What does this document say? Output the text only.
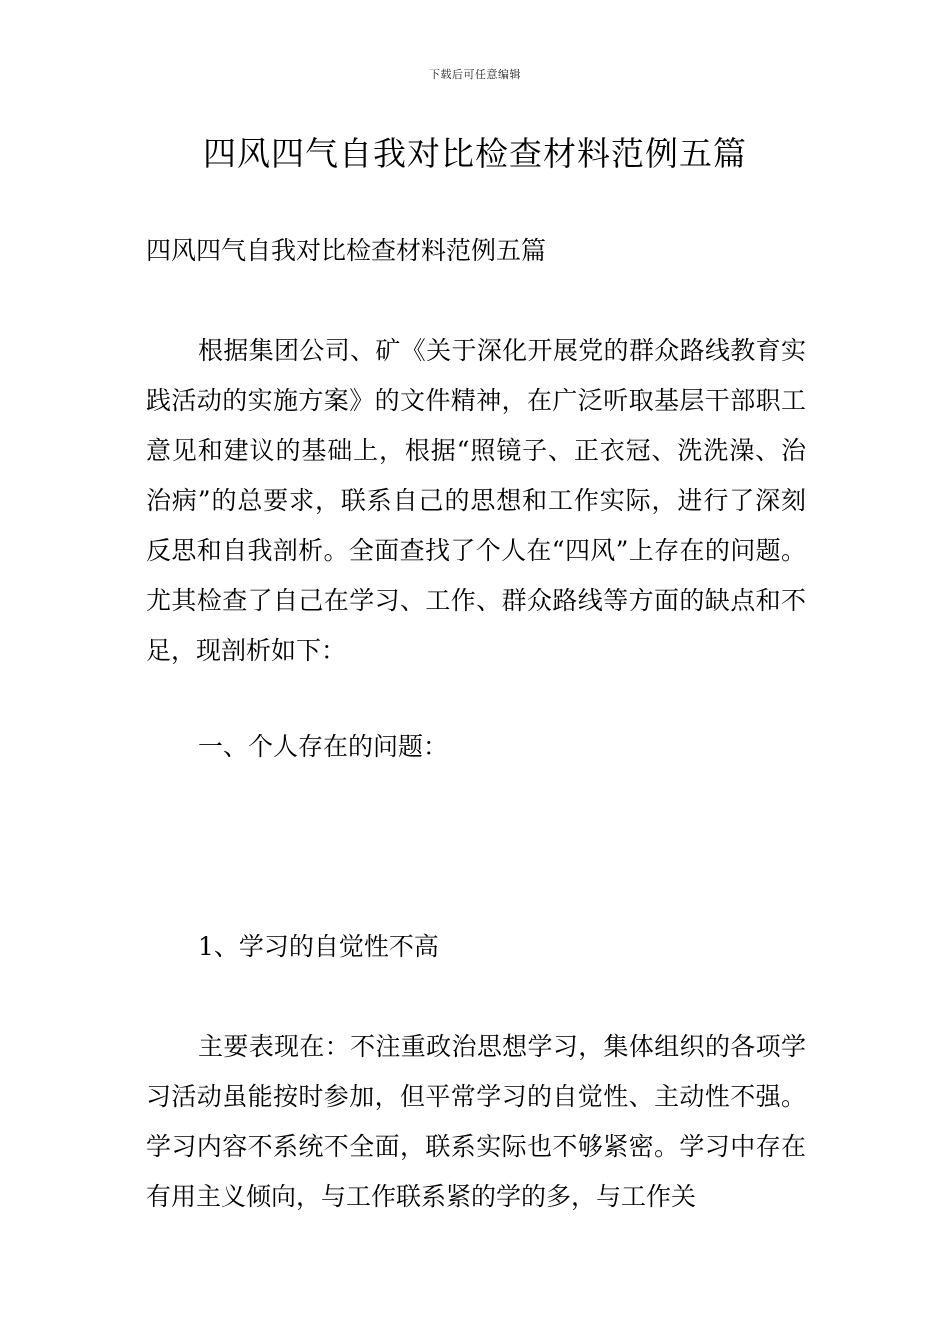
下载后可任意编辑
四风四气自我对比检查材料范例五篇

四风四气自我对比检查材料范例五篇

根据集团公司、矿《关于深化开展党的群众路线教育实践活动的实施方案》的文件精神，在广泛听取基层干部职工意见和建议的基础上，根据“照镜子、正衣冠、洗洗澡、治治病”的总要求，联系自己的思想和工作实际，进行了深刻反思和自我剖析。全面查找了个人在“四风”上存在的问题。尤其检查了自己在学习、工作、群众路线等方面的缺点和不足，现剖析如下：

一、个人存在的问题：

1、学习的自觉性不高

主要表现在：不注重政治思想学习，集体组织的各项学习活动虽能按时参加，但平常学习的自觉性、主动性不强。学习内容不系统不全面，联系实际也不够紧密。学习中存在有用主义倾向，与工作联系紧的学的多，与工作关
